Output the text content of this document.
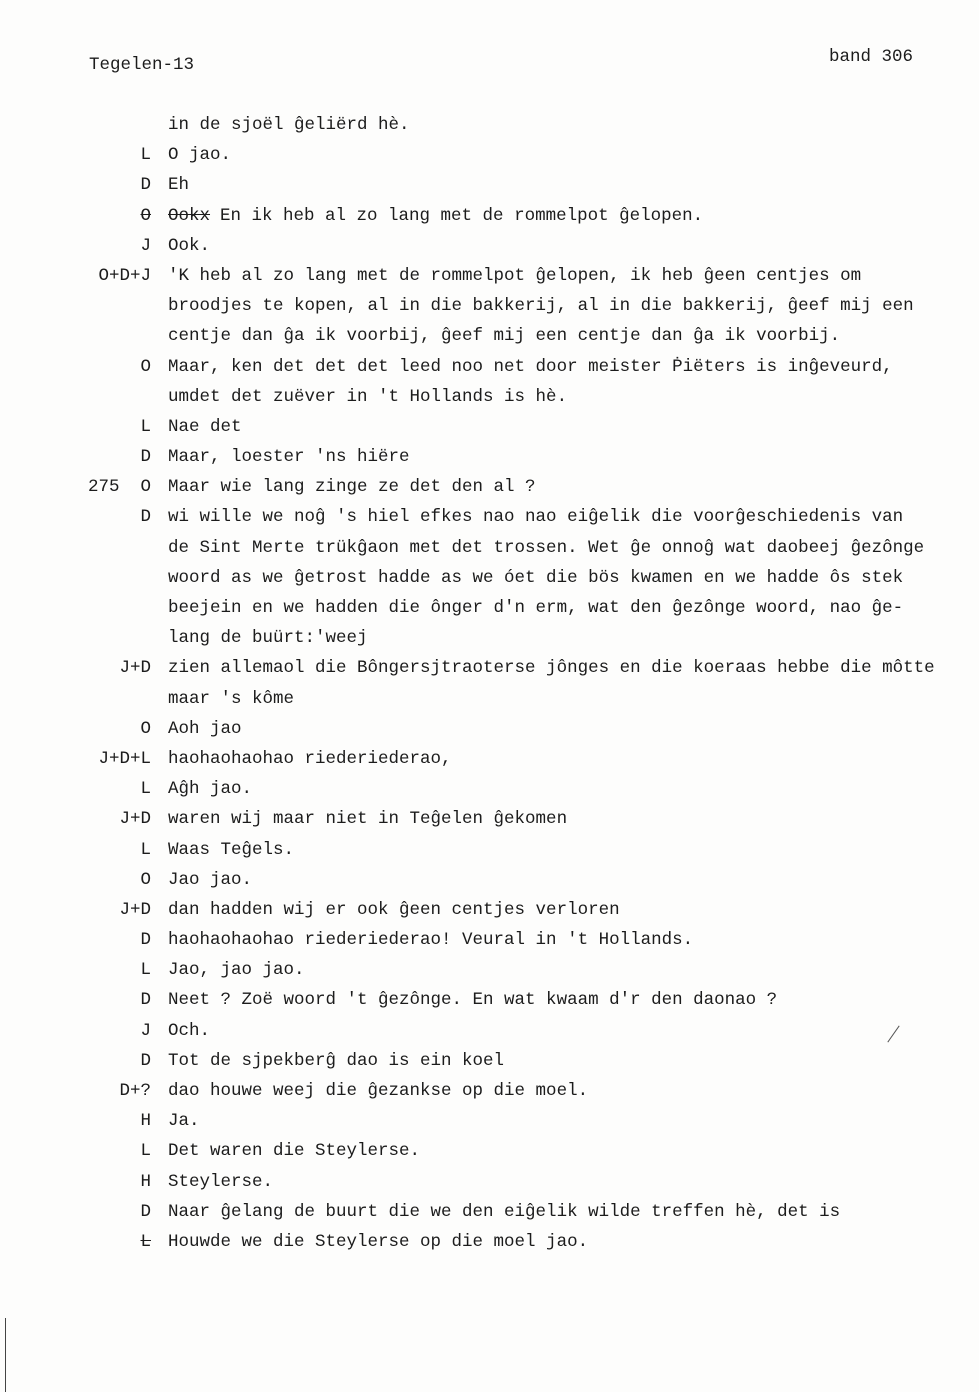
Tegelen-13	band 306
in de sjoël ĝeliërd hè.
L O jao.
D Eh
O Ookx En ik heb al zo lang met de rommelpot ĝelopen.
J Ook.
O+D+J 'K heb al zo lang met de rommelpot ĝelopen, ik heb ĝeen centjes om
broodjes te kopen, al in die bakkerij, al in die bakkerij, ĝeef mij een
centje dan ĝa ik voorbij, ĝeef mij een centje dan ĝa ik voorbij.
O Maar, ken det det det leed noo net door meister Ṗiëters is inĝeveurd,
umdet det zuëver in 't Hollands is hè.
L Nae det
D Maar, loester 'ns hiëre
275	O Maar wie lang zinge ze det den al ?
D wi wille we noĝ 's hiel efkes nao nao eiĝelik die voorĝeschiedenis van
de Sint Merte trükĝaon met det trossen. Wet ĝe onnoĝ wat daobeej ĝezônge
woord as we ĝetrost hadde as we óet die bös kwamen en we hadde ôs stek
beejein en we hadden die ônger d'n erm, wat den ĝezônge woord, nao ĝe-
lang de buürt:'weej
J+D zien allemaol die Bôngersjtraoterse jônges en die koeraas hebbe die môtte
maar 's kôme
O Aoh jao
J+D+L haohaohaohao riederiederao,
L Aĝh jao.
J+D waren wij maar niet in Teĝelen ĝekomen
L Waas Teĝels.
O Jao jao.
J+D dan hadden wij er ook ĝeen centjes verloren
D haohaohaohao riederiederao! Veural in 't Hollands.
L Jao, jao jao.
D Neet ? Zoë woord 't ĝezônge. En wat kwaam d'r den daonao ?
J Och.
D Tot de sjpekberĝ dao is ein koel
D+? dao houwe weej die ĝezankse op die moel.
H Ja.
L Det waren die Steylerse.
H Steylerse.
D Naar ĝelang de buurt die we den eiĝelik wilde treffen hè, det is
L Houwde we die Steylerse op die moel jao.
